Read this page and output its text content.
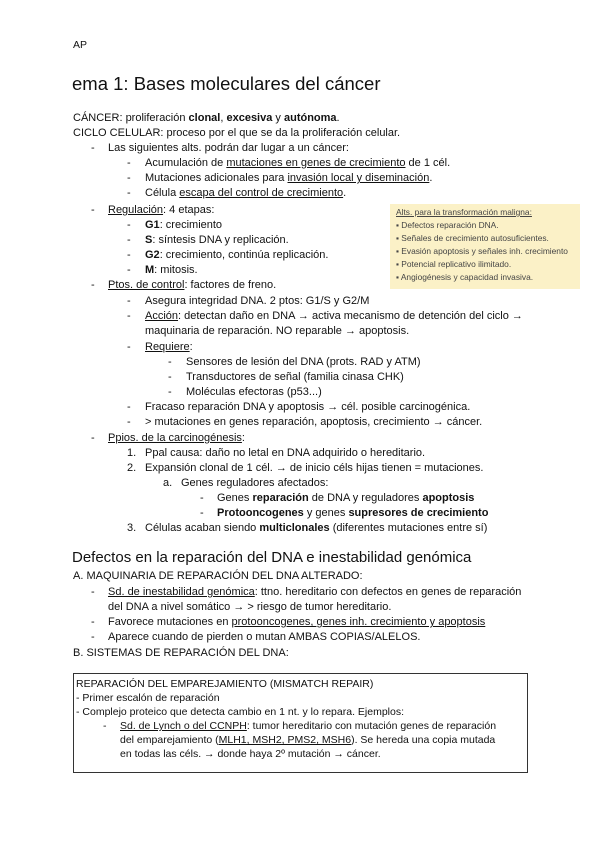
AP
ema 1: Bases moleculares del cáncer
CÁNCER: proliferación clonal, excesiva y autónoma.
CICLO CELULAR: proceso por el que se da la proliferación celular.
- Las siguientes alts. podrán dar lugar a un cáncer:
- Acumulación de mutaciones en genes de crecimiento de 1 cél.
- Mutaciones adicionales para invasión local y diseminación.
- Célula escapa del control de crecimiento.
- Regulación: 4 etapas:
- G1: crecimiento
- S: síntesis DNA y replicación.
- G2: crecimiento, continúa replicación.
- M: mitosis.
Alts. para la transformación maligna:
▪ Defectos reparación DNA.
▪ Señales de crecimiento autosuficientes.
▪ Evasión apoptosis y señales inh. crecimiento
▪ Potencial replicativo ilimitado.
▪ Angiogénesis y capacidad invasiva.
- Ptos. de control: factores de freno.
- Asegura integridad DNA. 2 ptos: G1/S y G2/M
- Acción: detectan daño en DNA → activa mecanismo de detención del ciclo →
maquinaria de reparación. NO reparable → apoptosis.
- Requiere:
- Sensores de lesión del DNA (prots. RAD y ATM)
- Transductores de señal (familia cinasa CHK)
- Moléculas efectoras (p53...)
- Fracaso reparación DNA y apoptosis → cél. posible carcinogénica.
- > mutaciones en genes reparación, apoptosis, crecimiento → cáncer.
- Ppios. de la carcinogénesis:
1. Ppal causa: daño no letal en DNA adquirido o hereditario.
2. Expansión clonal de 1 cél. → de inicio céls hijas tienen = mutaciones.
a. Genes reguladores afectados:
- Genes reparación de DNA y reguladores apoptosis
- Protooncogenes y genes supresores de crecimiento
3. Células acaban siendo multiclonales (diferentes mutaciones entre sí)
Defectos en la reparación del DNA e inestabilidad genómica
A. MAQUINARIA DE REPARACIÓN DEL DNA ALTERADO:
- Sd. de inestabilidad genómica: ttno. hereditario con defectos en genes de reparación
del DNA a nivel somático → > riesgo de tumor hereditario.
- Favorece mutaciones en protooncogenes, genes inh. crecimiento y apoptosis
- Aparece cuando de pierden o mutan AMBAS COPIAS/ALELOS.
B. SISTEMAS DE REPARACIÓN DEL DNA:
REPARACIÓN DEL EMPAREJAMIENTO (MISMATCH REPAIR)
- Primer escalón de reparación
- Complejo proteico que detecta cambio en 1 nt. y lo repara. Ejemplos:
- Sd. de Lynch o del CCNPH: tumor hereditario con mutación genes de reparación
del emparejamiento (MLH1, MSH2, PMS2, MSH6). Se hereda una copia mutada
en todas las céls. → donde haya 2º mutación → cáncer.
